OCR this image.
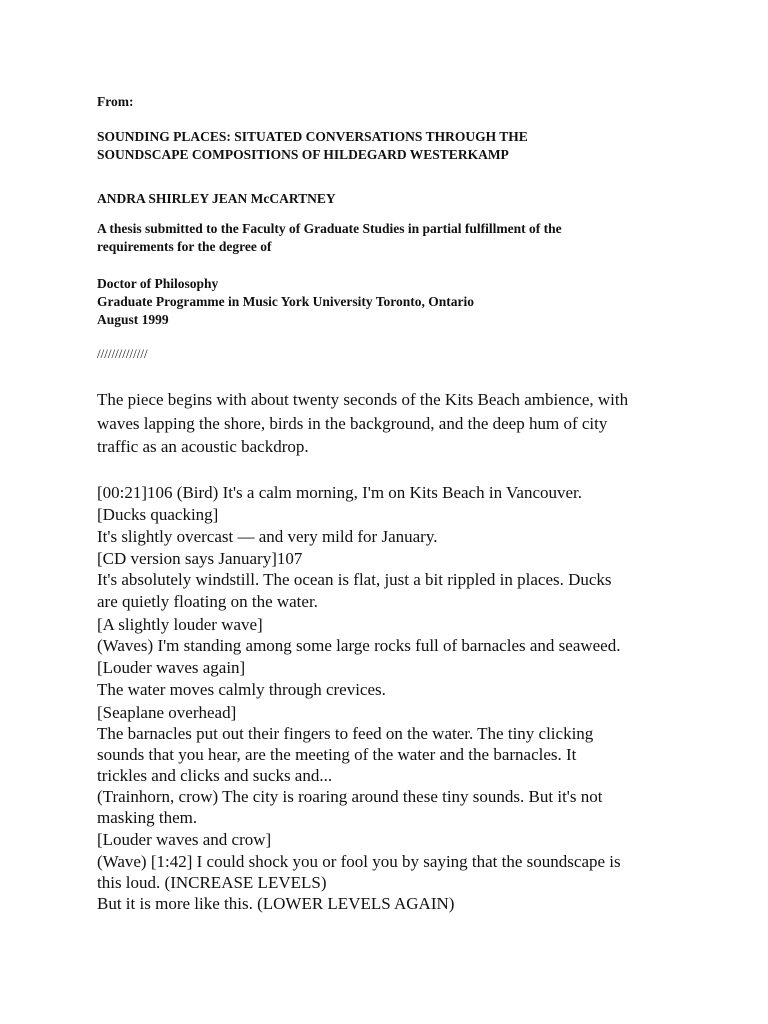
From:

SOUNDING PLACES: SITUATED CONVERSATIONS THROUGH THE
SOUNDSCAPE COMPOSITIONS OF HILDEGARD WESTERKAMP

ANDRA SHIRLEY JEAN McCARTNEY

A thesis submitted to the Faculty of Graduate Studies in partial fulfillment of the
requirements for the degree of

Doctor of Philosophy
Graduate Programme in Music York University Toronto, Ontario
August 1999

//////////////
The piece begins with about twenty seconds of the Kits Beach ambience, with
waves lapping the shore, birds in the background, and the deep hum of city
traffic as an acoustic backdrop.
[00:21]106 (Bird) It's a calm morning, I'm on Kits Beach in Vancouver.
[Ducks quacking]
It's slightly overcast — and very mild for January.
[CD version says January]107
It's absolutely windstill. The ocean is flat, just a bit rippled in places. Ducks
are quietly floating on the water.
[A slightly louder wave]
(Waves) I'm standing among some large rocks full of barnacles and seaweed.
[Louder waves again]
The water moves calmly through crevices.
[Seaplane overhead]
The barnacles put out their fingers to feed on the water. The tiny clicking
sounds that you hear, are the meeting of the water and the barnacles. It
trickles and clicks and sucks and...
(Trainhorn, crow) The city is roaring around these tiny sounds. But it's not
masking them.
[Louder waves and crow]
(Wave) [1:42] I could shock you or fool you by saying that the soundscape is
this loud. (INCREASE LEVELS)
But it is more like this. (LOWER LEVELS AGAIN)
